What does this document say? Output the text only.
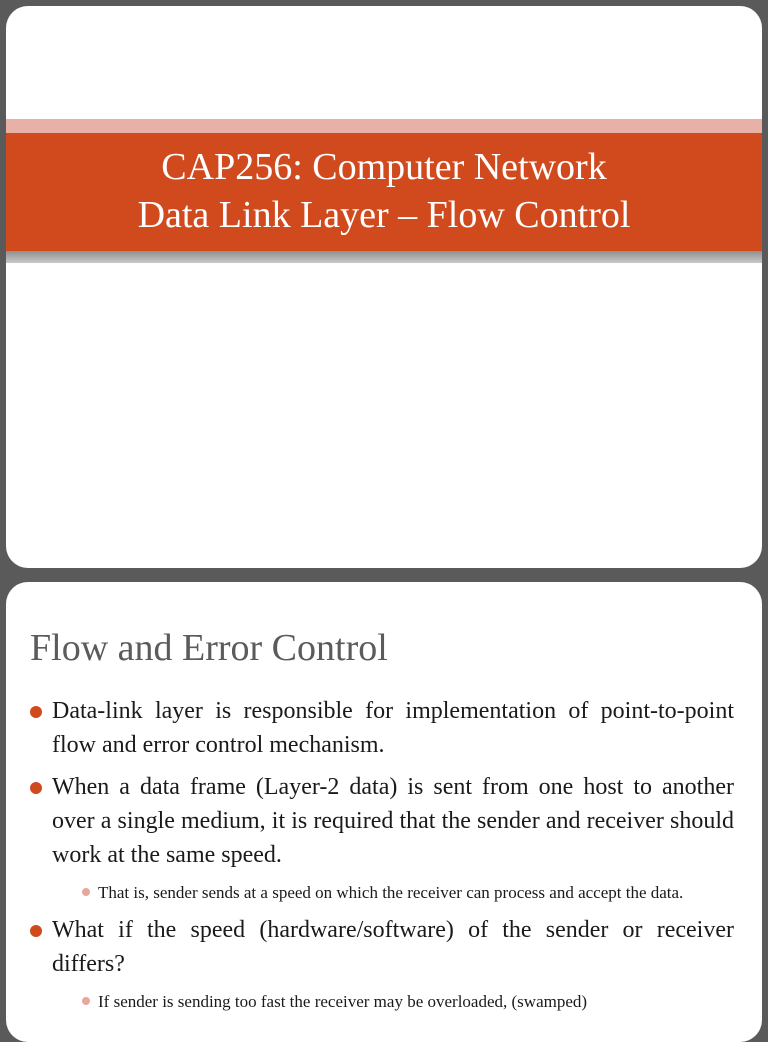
CAP256: Computer Network
Data Link Layer – Flow Control
Flow and Error Control
Data-link layer is responsible for implementation of point-to-point flow and error control mechanism.
When a data frame (Layer-2 data) is sent from one host to another over a single medium, it is required that the sender and receiver should work at the same speed.
That is, sender sends at a speed on which the receiver can process and accept the data.
What if the speed (hardware/software) of the sender or receiver differs?
If sender is sending too fast the receiver may be overloaded, (swamped)
